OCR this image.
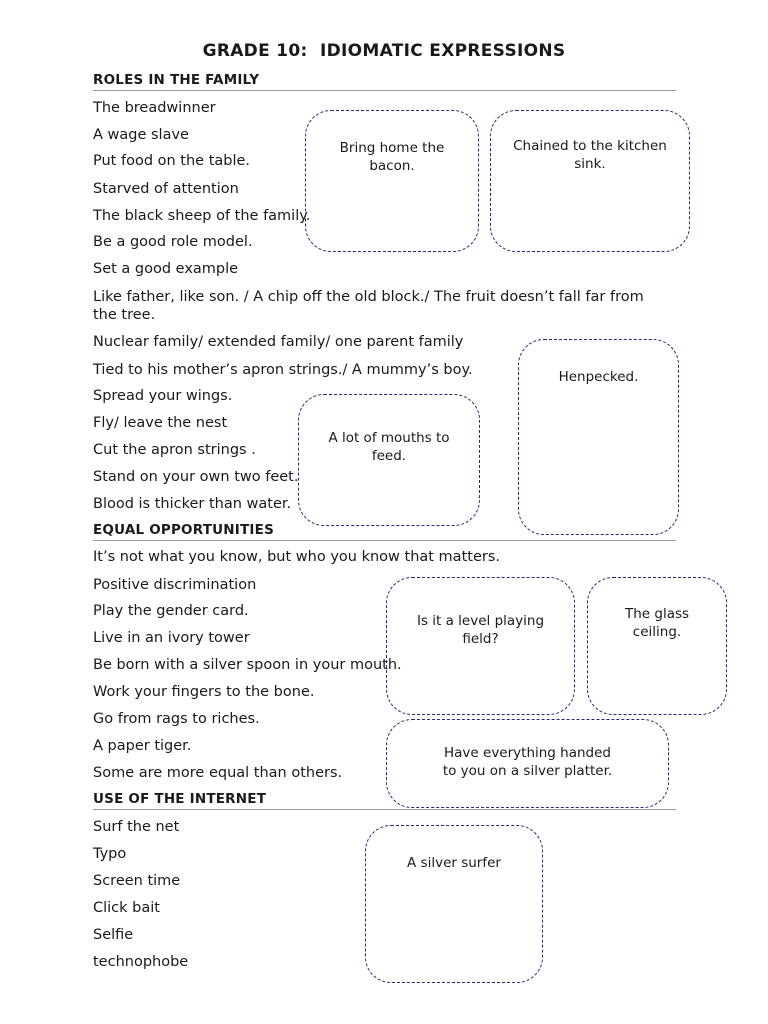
GRADE 10:  IDIOMATIC EXPRESSIONS
ROLES IN THE FAMILY
The breadwinner
A wage slave
Put food on the table.
Starved of attention
The black sheep of the family.
Be a good role model.
Set a good example
Like father, like son. / A chip off the old block./ The fruit doesn’t fall far from the tree.
Nuclear family/ extended family/ one parent family
Tied to his mother’s apron strings./ A mummy’s boy.
Spread your wings.
Fly/ leave the nest
Cut the apron strings .
Stand on your own two feet.
Blood is thicker than water.
EQUAL OPPORTUNITIES
It’s not what you know, but who you know that matters.
Positive discrimination
Play the gender card.
Live in an ivory tower
Be born with a silver spoon in your mouth.
Work your fingers to the bone.
Go from rags to riches.
A paper tiger.
Some are more equal than others.
USE OF THE INTERNET
Surf the net
Typo
Screen time
Click bait
Selfie
technophobe
Bring home the bacon.
Chained to the kitchen sink.
Henpecked.
A lot of mouths to feed.
Is it a level playing field?
The glass ceiling.
Have everything handed to you on a silver platter.
A silver surfer
